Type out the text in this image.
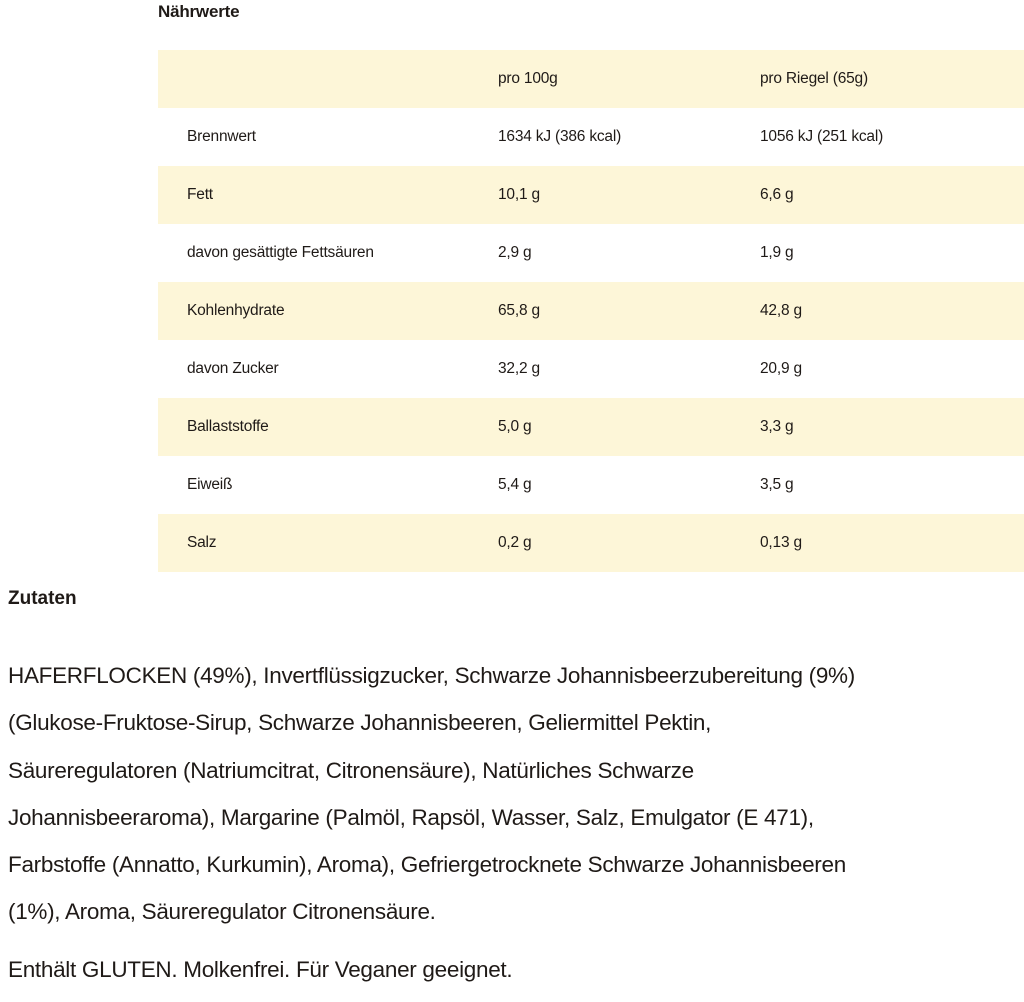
Nährwerte
	pro 100g	pro Riegel (65g)
Brennwert	1634 kJ (386 kcal)	1056 kJ (251 kcal)
Fett	10,1 g	6,6 g
davon gesättigte Fettsäuren	2,9 g	1,9 g
Kohlenhydrate	65,8 g	42,8 g
davon Zucker	32,2 g	20,9 g
Ballaststoffe	5,0 g	3,3 g
Eiweiß	5,4 g	3,5 g
Salz	0,2 g	0,13 g
Zutaten

HAFERFLOCKEN (49%), Invertflüssigzucker, Schwarze Johannisbeerzubereitung (9%)
(Glukose-Fruktose-Sirup, Schwarze Johannisbeeren, Geliermittel Pektin,
Säureregulatoren (Natriumcitrat, Citronensäure), Natürliches Schwarze
Johannisbeeraroma), Margarine (Palmöl, Rapsöl, Wasser, Salz, Emulgator (E 471),
Farbstoffe (Annatto, Kurkumin), Aroma), Gefriergetrocknete Schwarze Johannisbeeren
(1%), Aroma, Säureregulator Citronensäure.

Enthält GLUTEN. Molkenfrei. Für Veganer geeignet.
